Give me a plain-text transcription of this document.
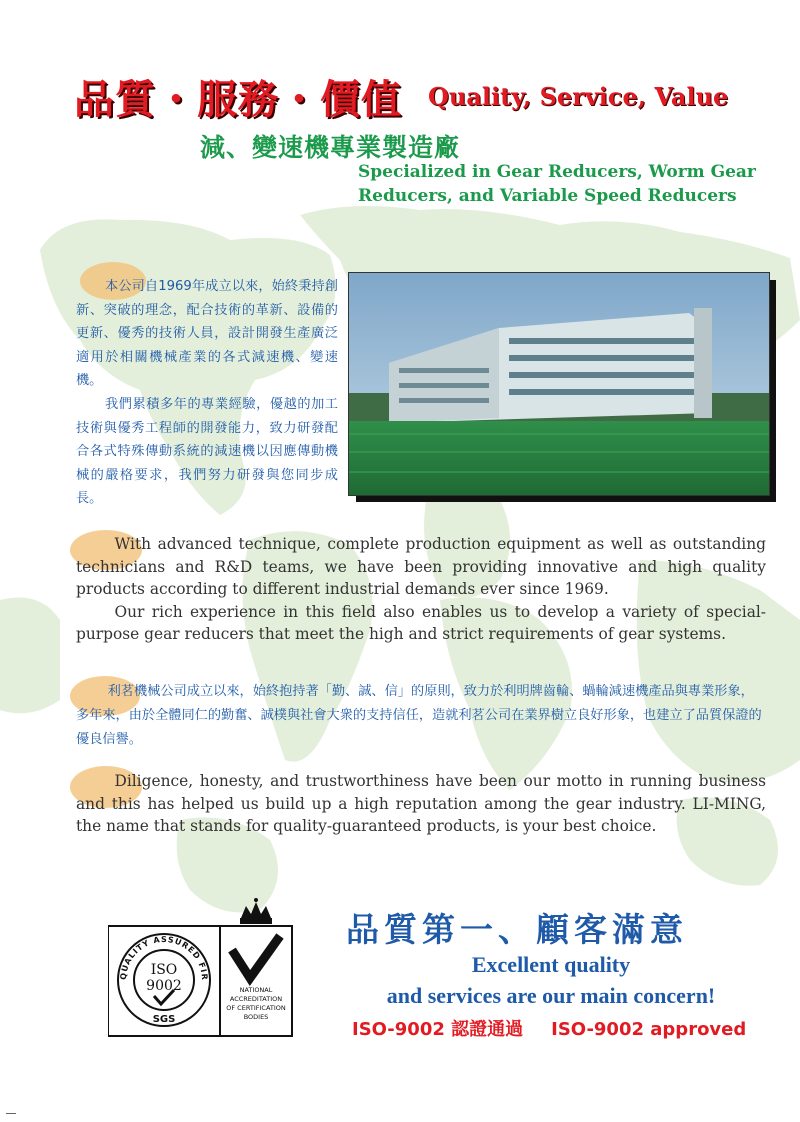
品質・服務・價值 Quality, Service, Value
減、變速機專業製造廠
Specialized in Gear Reducers, Worm Gear Reducers, and Variable Speed Reducers

本公司自1969年成立以來，始終秉持創新、突破的理念，配合技術的革新、設備的更新、優秀的技術人員，設計開發生產廣泛適用於相關機械產業的各式減速機、變速機。

我們累積多年的專業經驗，優越的加工技術與優秀工程師的開發能力，致力研發配合各式特殊傳動系統的減速機以因應傳動機械的嚴格要求，我們努力研發與您同步成長。

With advanced technique, complete production equipment as well as outstanding technicians and R&D teams, we have been providing innovative and high quality products according to different industrial demands ever since 1969.

Our rich experience in this field also enables us to develop a variety of special-purpose gear reducers that meet the high and strict requirements of gear systems.

利茗機械公司成立以來，始終抱持著「勤、誠、信」的原則，致力於利明牌齒輪、蝸輪減速機產品與專業形象，多年來，由於全體同仁的勤奮、誠樸與社會大衆的支持信任，造就利茗公司在業界樹立良好形象，也建立了品質保證的優良信譽。

Diligence, honesty, and trustworthiness have been our motto in running business and this has helped us build up a high reputation among the gear industry. LI-MING, the name that stands for quality-guaranteed products, is your best choice.

QUALITY ASSURED FIR
ISO
9002
SGS
NATIONAL
ACCREDITATION
OF CERTIFICATION
BODIES
品質第一、顧客滿意
Excellent quality
and services are our main concern!
ISO-9002 認證通過 ISO-9002 approved
